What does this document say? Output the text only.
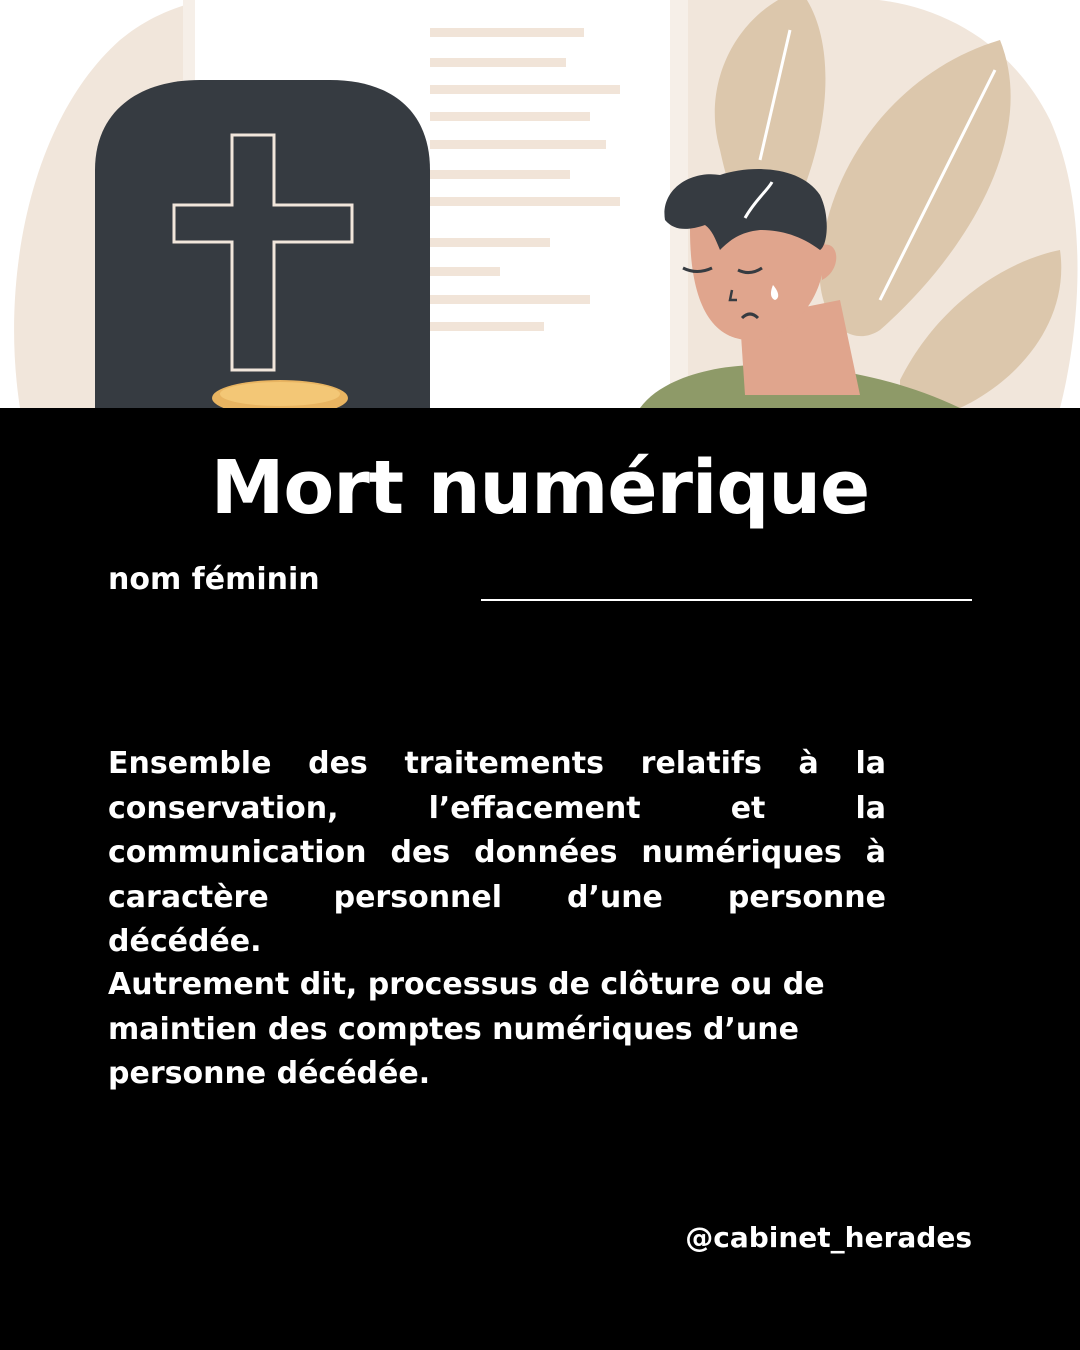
Mort numérique
nom féminin

Ensemble des traitements relatifs à la conservation, l’effacement et la communication des données numériques à caractère personnel d’une personne décédée.

Autrement dit, processus de clôture ou de maintien des comptes numériques d’une personne décédée.

@cabinet_herades
